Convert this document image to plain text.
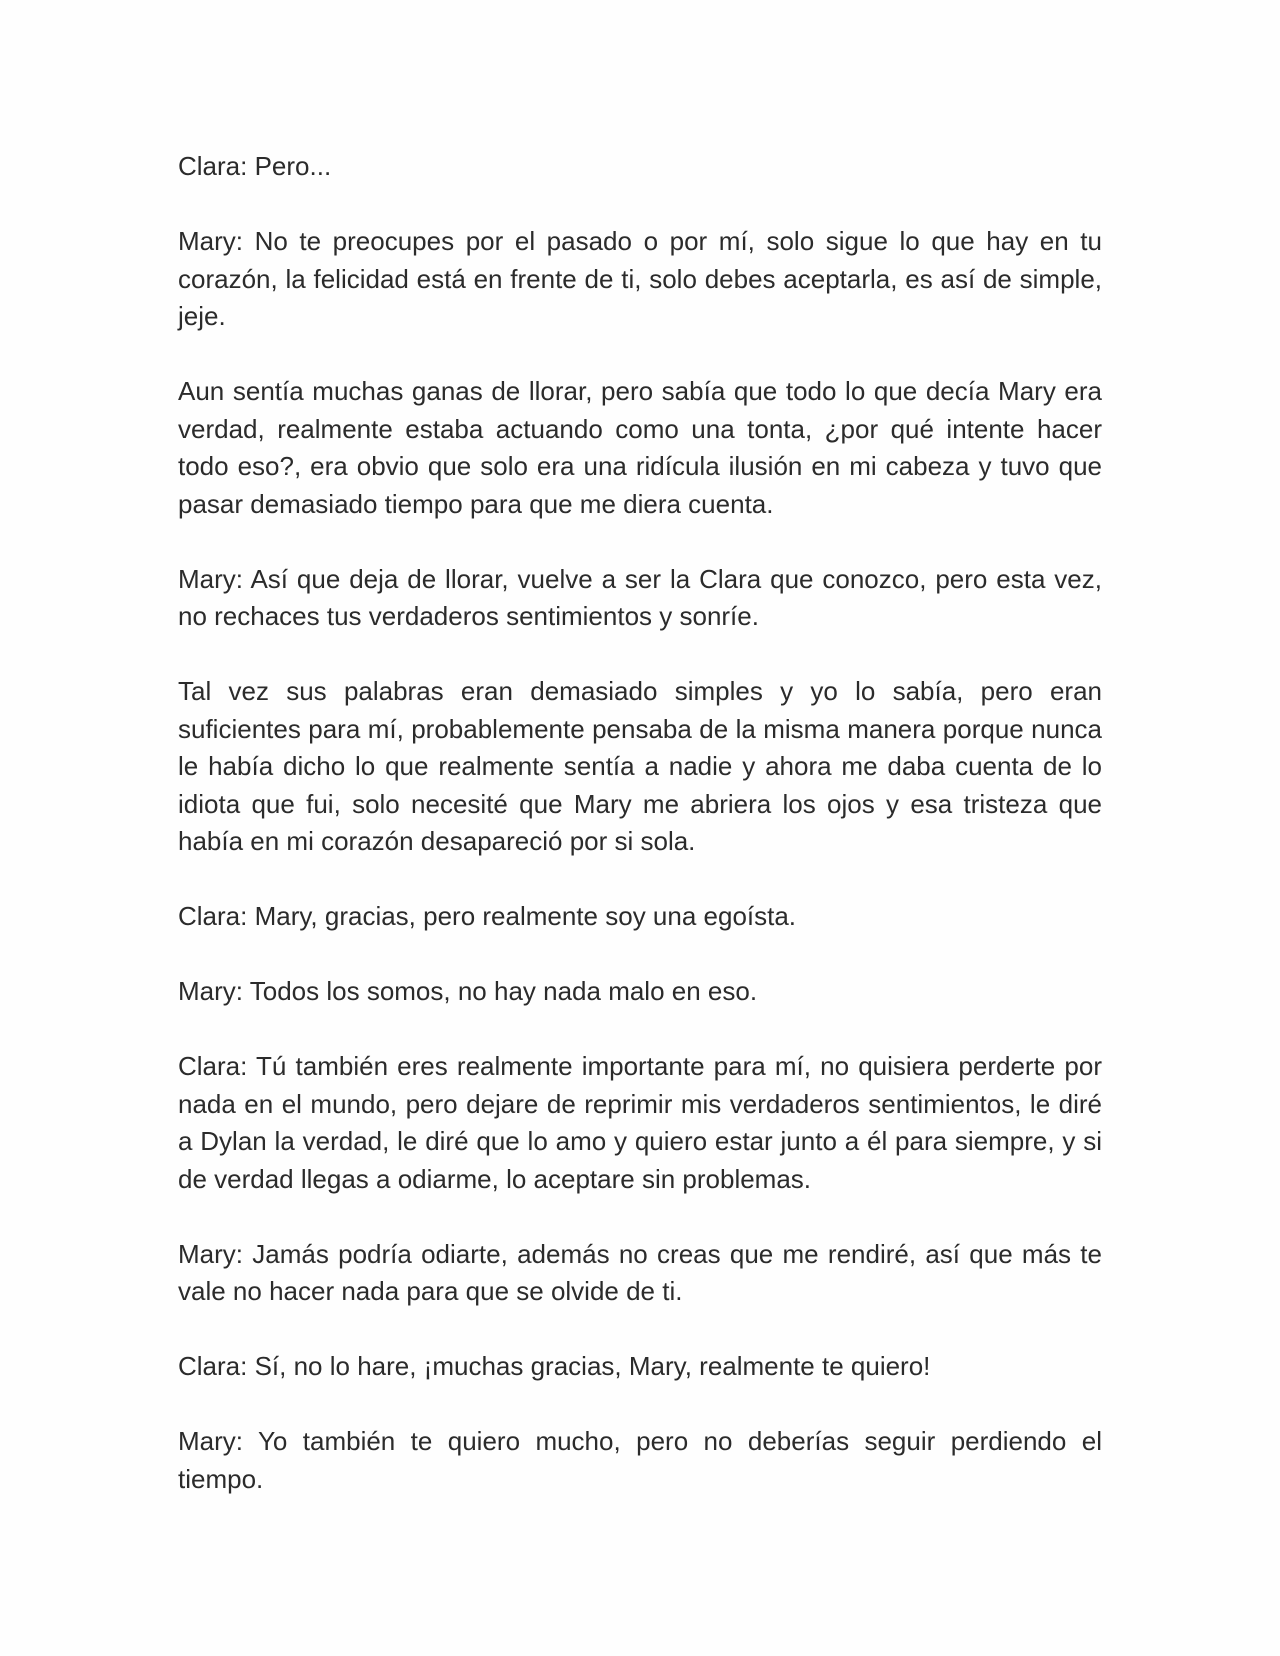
Clara: Pero...

Mary: No te preocupes por el pasado o por mí, solo sigue lo que hay en tu corazón, la felicidad está en frente de ti, solo debes aceptarla, es así de simple, jeje.

Aun sentía muchas ganas de llorar, pero sabía que todo lo que decía Mary era verdad, realmente estaba actuando como una tonta, ¿por qué intente hacer todo eso?, era obvio que solo era una ridícula ilusión en mi cabeza y tuvo que pasar demasiado tiempo para que me diera cuenta.

Mary: Así que deja de llorar, vuelve a ser la Clara que conozco, pero esta vez, no rechaces tus verdaderos sentimientos y sonríe.

Tal vez sus palabras eran demasiado simples y yo lo sabía, pero eran suficientes para mí, probablemente pensaba de la misma manera porque nunca le había dicho lo que realmente sentía a nadie y ahora me daba cuenta de lo idiota que fui, solo necesité que Mary me abriera los ojos y esa tristeza que había en mi corazón desapareció por si sola.

Clara: Mary, gracias, pero realmente soy una egoísta.

Mary: Todos los somos, no hay nada malo en eso.

Clara: Tú también eres realmente importante para mí, no quisiera perderte por nada en el mundo, pero dejare de reprimir mis verdaderos sentimientos, le diré a Dylan la verdad, le diré que lo amo y quiero estar junto a él para siempre, y si de verdad llegas a odiarme, lo aceptare sin problemas.

Mary: Jamás podría odiarte, además no creas que me rendiré, así que más te vale no hacer nada para que se olvide de ti.

Clara: Sí, no lo hare, ¡muchas gracias, Mary, realmente te quiero!

Mary: Yo también te quiero mucho, pero no deberías seguir perdiendo el tiempo.
